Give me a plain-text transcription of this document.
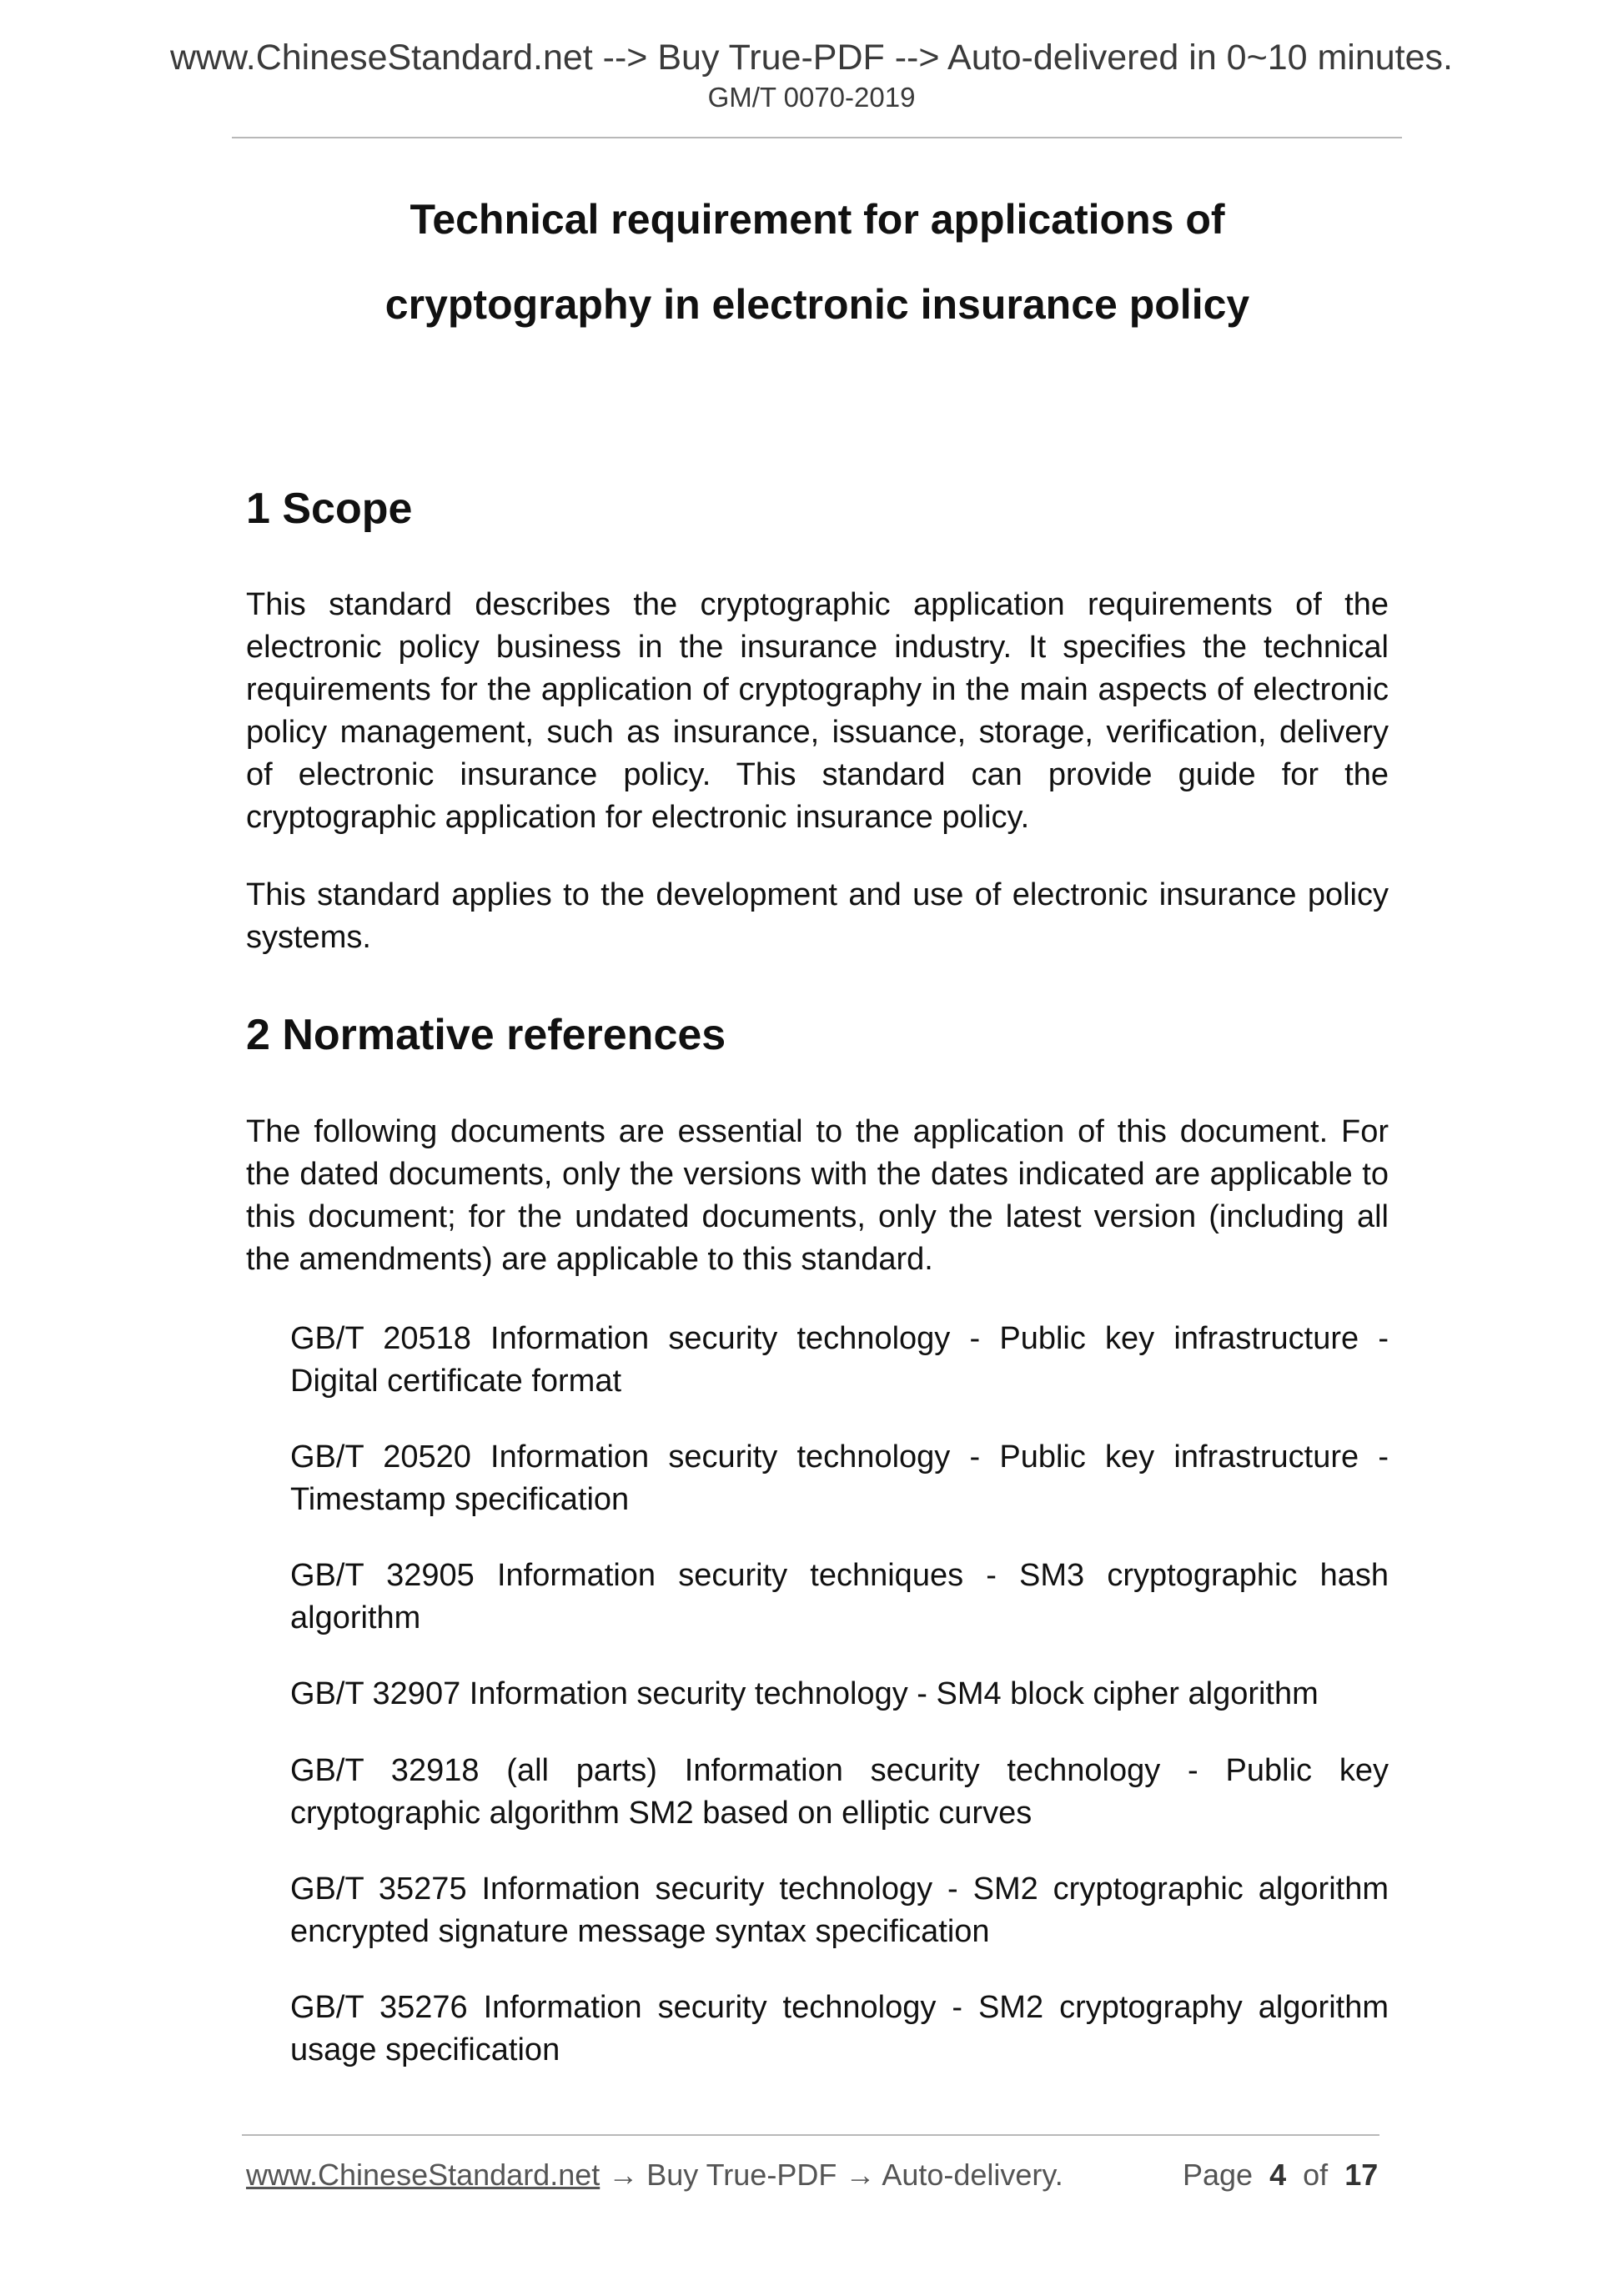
www.ChineseStandard.net --> Buy True-PDF --> Auto-delivered in 0~10 minutes.
GM/T 0070-2019
Technical requirement for applications of
cryptography in electronic insurance policy
1 Scope

This standard describes the cryptographic application requirements of the electronic policy business in the insurance industry. It specifies the technical requirements for the application of cryptography in the main aspects of electronic policy management, such as insurance, issuance, storage, verification, delivery of electronic insurance policy. This standard can provide guide for the cryptographic application for electronic insurance policy.

This standard applies to the development and use of electronic insurance policy systems.

2 Normative references

The following documents are essential to the application of this document. For the dated documents, only the versions with the dates indicated are applicable to this document; for the undated documents, only the latest version (including all the amendments) are applicable to this standard.

GB/T 20518 Information security technology - Public key infrastructure - Digital certificate format

GB/T 20520 Information security technology - Public key infrastructure - Timestamp specification

GB/T 32905 Information security techniques - SM3 cryptographic hash algorithm

GB/T 32907 Information security technology - SM4 block cipher algorithm

GB/T 32918 (all parts) Information security technology - Public key cryptographic algorithm SM2 based on elliptic curves

GB/T 35275 Information security technology - SM2 cryptographic algorithm encrypted signature message syntax specification

GB/T 35276 Information security technology - SM2 cryptography algorithm usage specification

www.ChineseStandard.net → Buy True-PDF → Auto-delivery.	Page 4 of 17
